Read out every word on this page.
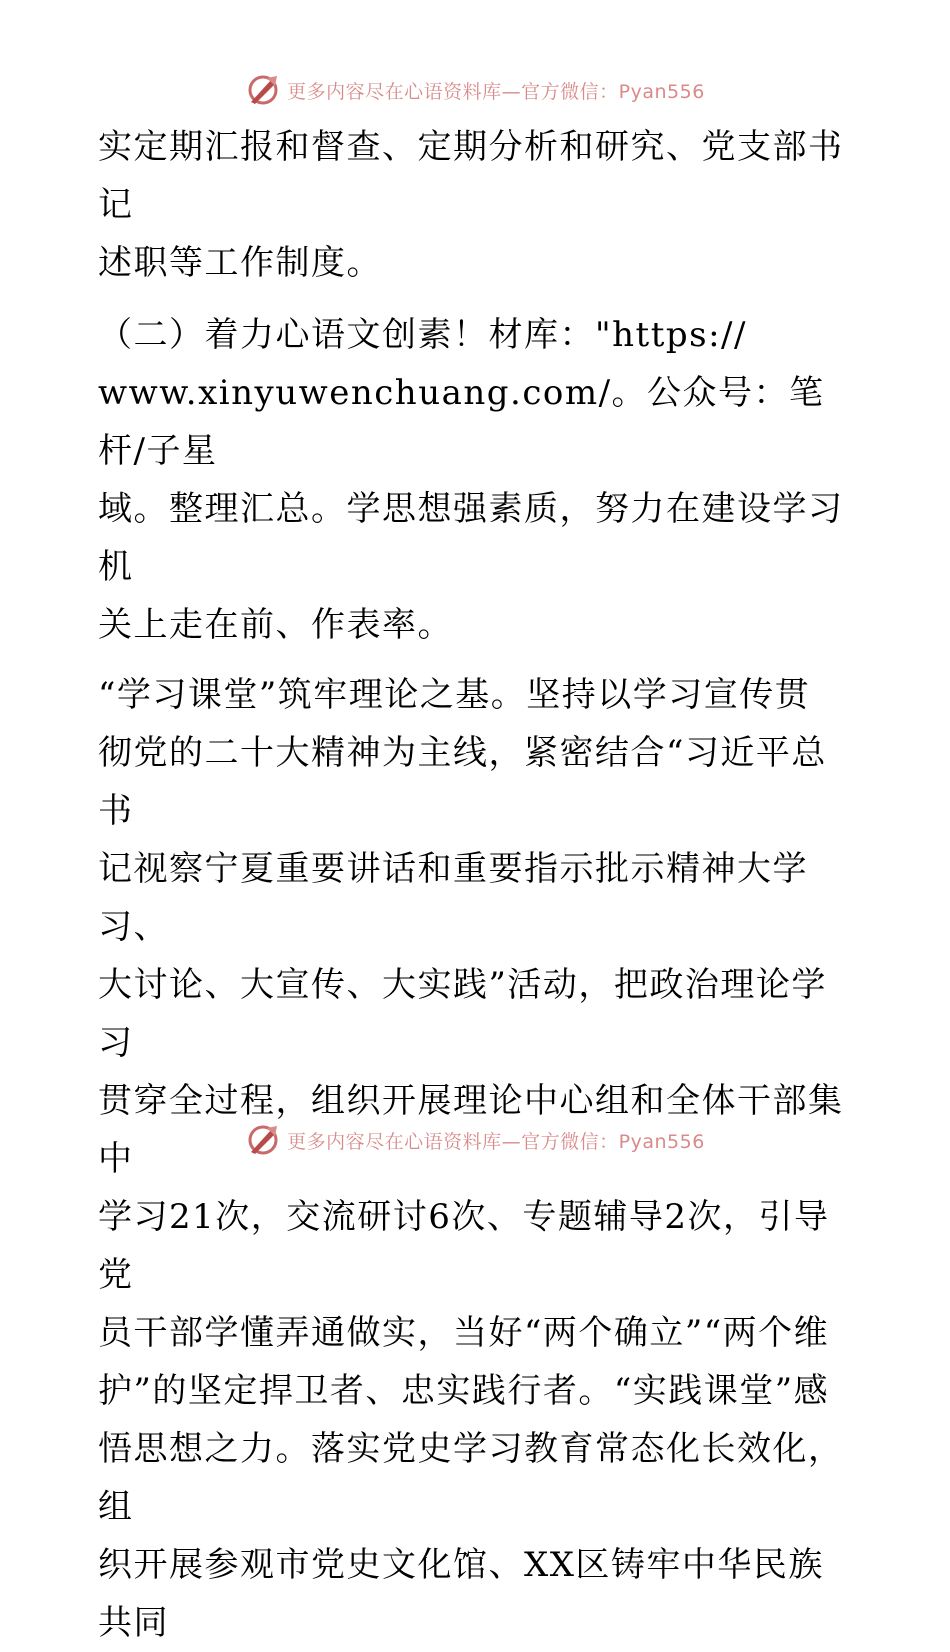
更多内容尽在心语资料库—官方微信：Pyan556

实定期汇报和督查、定期分析和研究、党支部书记
述职等工作制度。

（二）着力心语文创素！材库："https://
www.xinyuwenchuang.com/。公众号：笔杆/子星
域。整理汇总。学思想强素质，努力在建设学习机
关上走在前、作表率。

“学习课堂”筑牢理论之基。坚持以学习宣传贯
彻党的二十大精神为主线，紧密结合“习近平总书
记视察宁夏重要讲话和重要指示批示精神大学习、
大讨论、大宣传、大实践”活动，把政治理论学习
贯穿全过程，组织开展理论中心组和全体干部集中
学习21次，交流研讨6次、专题辅导2次，引导党
员干部学懂弄通做实，当好“两个确立”“两个维
护”的坚定捍卫者、忠实践行者。“实践课堂”感
悟思想之力。落实党史学习教育常态化长效化，组
织开展参观市党史文化馆、XX区铸牢中华民族共同

更多内容尽在心语资料库—官方微信：Pyan556
